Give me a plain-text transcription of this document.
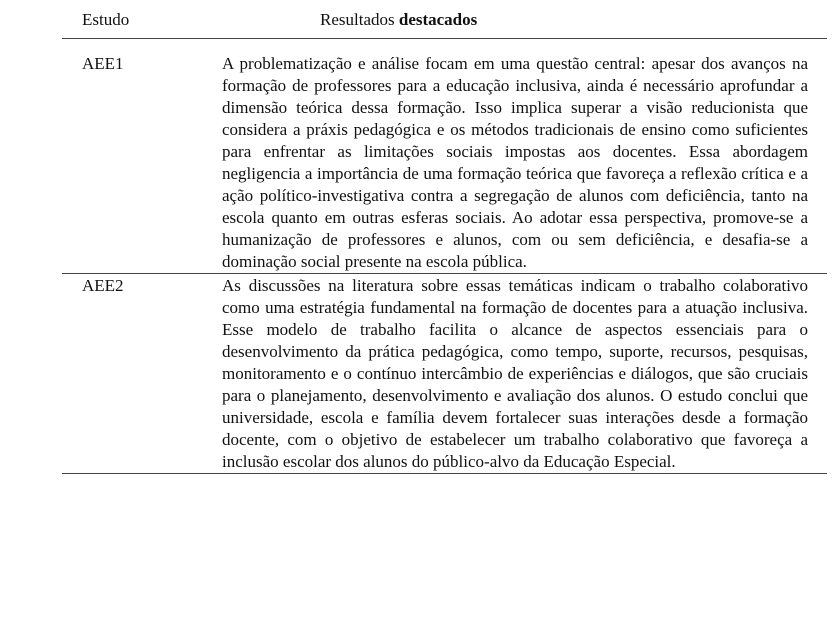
Estudo	Resultados destacados
AEE1	A problematização e análise focam em uma questão central: apesar dos avanços na formação de professores para a educação inclusiva, ainda é necessário aprofundar a dimensão teórica dessa formação. Isso implica superar a visão reducionista que considera a práxis pedagógica e os métodos tradicionais de ensino como suficientes para enfrentar as limitações sociais impostas aos docentes. Essa abordagem negligencia a importância de uma formação teórica que favoreça a reflexão crítica e a ação político-investigativa contra a segregação de alunos com deficiência, tanto na escola quanto em outras esferas sociais. Ao adotar essa perspectiva, promove-se a humanização de professores e alunos, com ou sem deficiência, e desafia-se a dominação social presente na escola pública.
AEE2	As discussões na literatura sobre essas temáticas indicam o trabalho colaborativo como uma estratégia fundamental na formação de docentes para a atuação inclusiva. Esse modelo de trabalho facilita o alcance de aspectos essenciais para o desenvolvimento da prática pedagógica, como tempo, suporte, recursos, pesquisas, monitoramento e o contínuo intercâmbio de experiências e diálogos, que são cruciais para o planejamento, desenvolvimento e avaliação dos alunos. O estudo conclui que universidade, escola e família devem fortalecer suas interações desde a formação docente, com o objetivo de estabelecer um trabalho colaborativo que favoreça a inclusão escolar dos alunos do público-alvo da Educação Especial.
